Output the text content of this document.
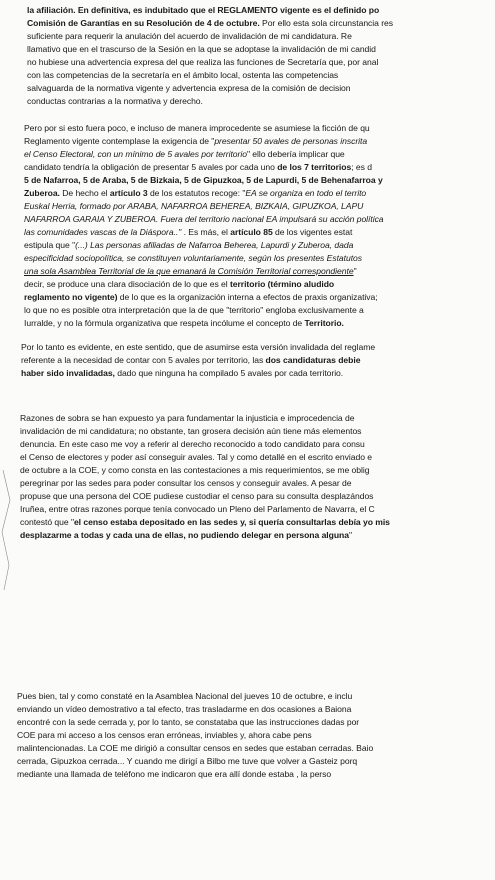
la afiliación. En definitiva, es indubitado que el REGLAMENTO vigente es el definido po
Comisión de Garantías en su Resolución de 4 de octubre. Por ello esta sola circunstancia res
suficiente para requerir la anulación del acuerdo de invalidación de mi candidatura. Re
llamativo que en el trascurso de la Sesión en la que se adoptase la invalidación de mi candid
no hubiese una advertencia expresa del que realiza las funciones de Secretaría que, por anal
con las competencias de la secretaría en el ámbito local, ostenta las competencias
salvaguarda de la normativa vigente y advertencia expresa de la comisión de decision
conductas contrarias a la normativa y derecho.
Pero por si esto fuera poco, e incluso de manera improcedente se asumiese la ficción de qu
Reglamento vigente contemplase la exigencia de "presentar 50 avales de personas inscrita
el Censo Electoral, con un mínimo de 5 avales por territorio" ello debería implicar que
candidato tendría la obligación de presentar 5 avales por cada uno de los 7 territorios; es d
5 de Nafarroa, 5 de Araba, 5 de Bizkaia, 5 de Gipuzkoa, 5 de Lapurdi, 5 de Behenafarroa y
Zuberoa. De hecho el artículo 3 de los estatutos recoge: "EA se organiza en todo el territo
Euskal Herria, formado por ARABA, NAFARROA BEHEREA, BIZKAIA, GIPUZKOA, LAPU
NAFARROA GARAIA Y ZUBEROA. Fuera del territorio nacional EA impulsará su acción política
las comunidades vascas de la Diáspora.." . Es más, el artículo 85 de los vigentes estat
estipula que "(...) Las personas afiliadas de Nafarroa Beherea, Lapurdi y Zuberoa, dada
especificidad sociopolítica, se constituyen voluntariamente, según los presentes Estatutos
una sola Asamblea Territorial de la que emanará la Comisión Territorial correspondiente"
decir, se produce una clara disociación de lo que es el territorio (término aludido
reglamento no vigente) de lo que es la organización interna a efectos de praxis organizativa;
lo que no es posible otra interpretación que la de que "territorio" engloba exclusivamente a
Iurralde, y no la fórmula organizativa que respeta incólume el concepto de Territorio.
Por lo tanto es evidente, en este sentido, que de asumirse esta versión invalidada del reglame
referente a la necesidad de contar con 5 avales por territorio, las dos candidaturas debie
haber sido invalidadas, dado que ninguna ha compilado 5 avales por cada territorio.
Razones de sobra se han expuesto ya para fundamentar la injusticia e improcedencia de
invalidación de mi candidatura; no obstante, tan grosera decisión aún tiene más elementos
denuncia. En este caso me voy a referir al derecho reconocido a todo candidato para consu
el Censo de electores y poder así conseguir avales. Tal y como detallé en el escrito enviado e
de octubre a la COE, y como consta en las contestaciones a mis requerimientos, se me oblig
peregrinar por las sedes para poder consultar los censos y conseguir avales. A pesar de
propuse que una persona del COE pudiese custodiar el censo para su consulta desplazándos
Iruñea, entre otras razones porque tenía convocado un Pleno del Parlamento de Navarra, el C
contestó que "el censo estaba depositado en las sedes y, si quería consultarlas debía yo mis
desplazarme a todas y cada una de ellas, no pudiendo delegar en persona alguna"
Pues bien, tal y como constaté en la Asamblea Nacional del jueves 10 de octubre, e inclu
enviando un vídeo demostrativo a tal efecto, tras trasladarme en dos ocasiones a Baiona
encontré con la sede cerrada y, por lo tanto, se constataba que las instrucciones dadas por
COE para mi acceso a los censos eran erróneas, inviables y, ahora cabe pens
malintencionadas. La COE me dirigió a consultar censos en sedes que estaban cerradas. Baio
cerrada, Gipuzkoa cerrada... Y cuando me dirigí a Bilbo me tuve que volver a Gasteiz porq
mediante una llamada de teléfono me indicaron que era allí donde estaba , la perso
